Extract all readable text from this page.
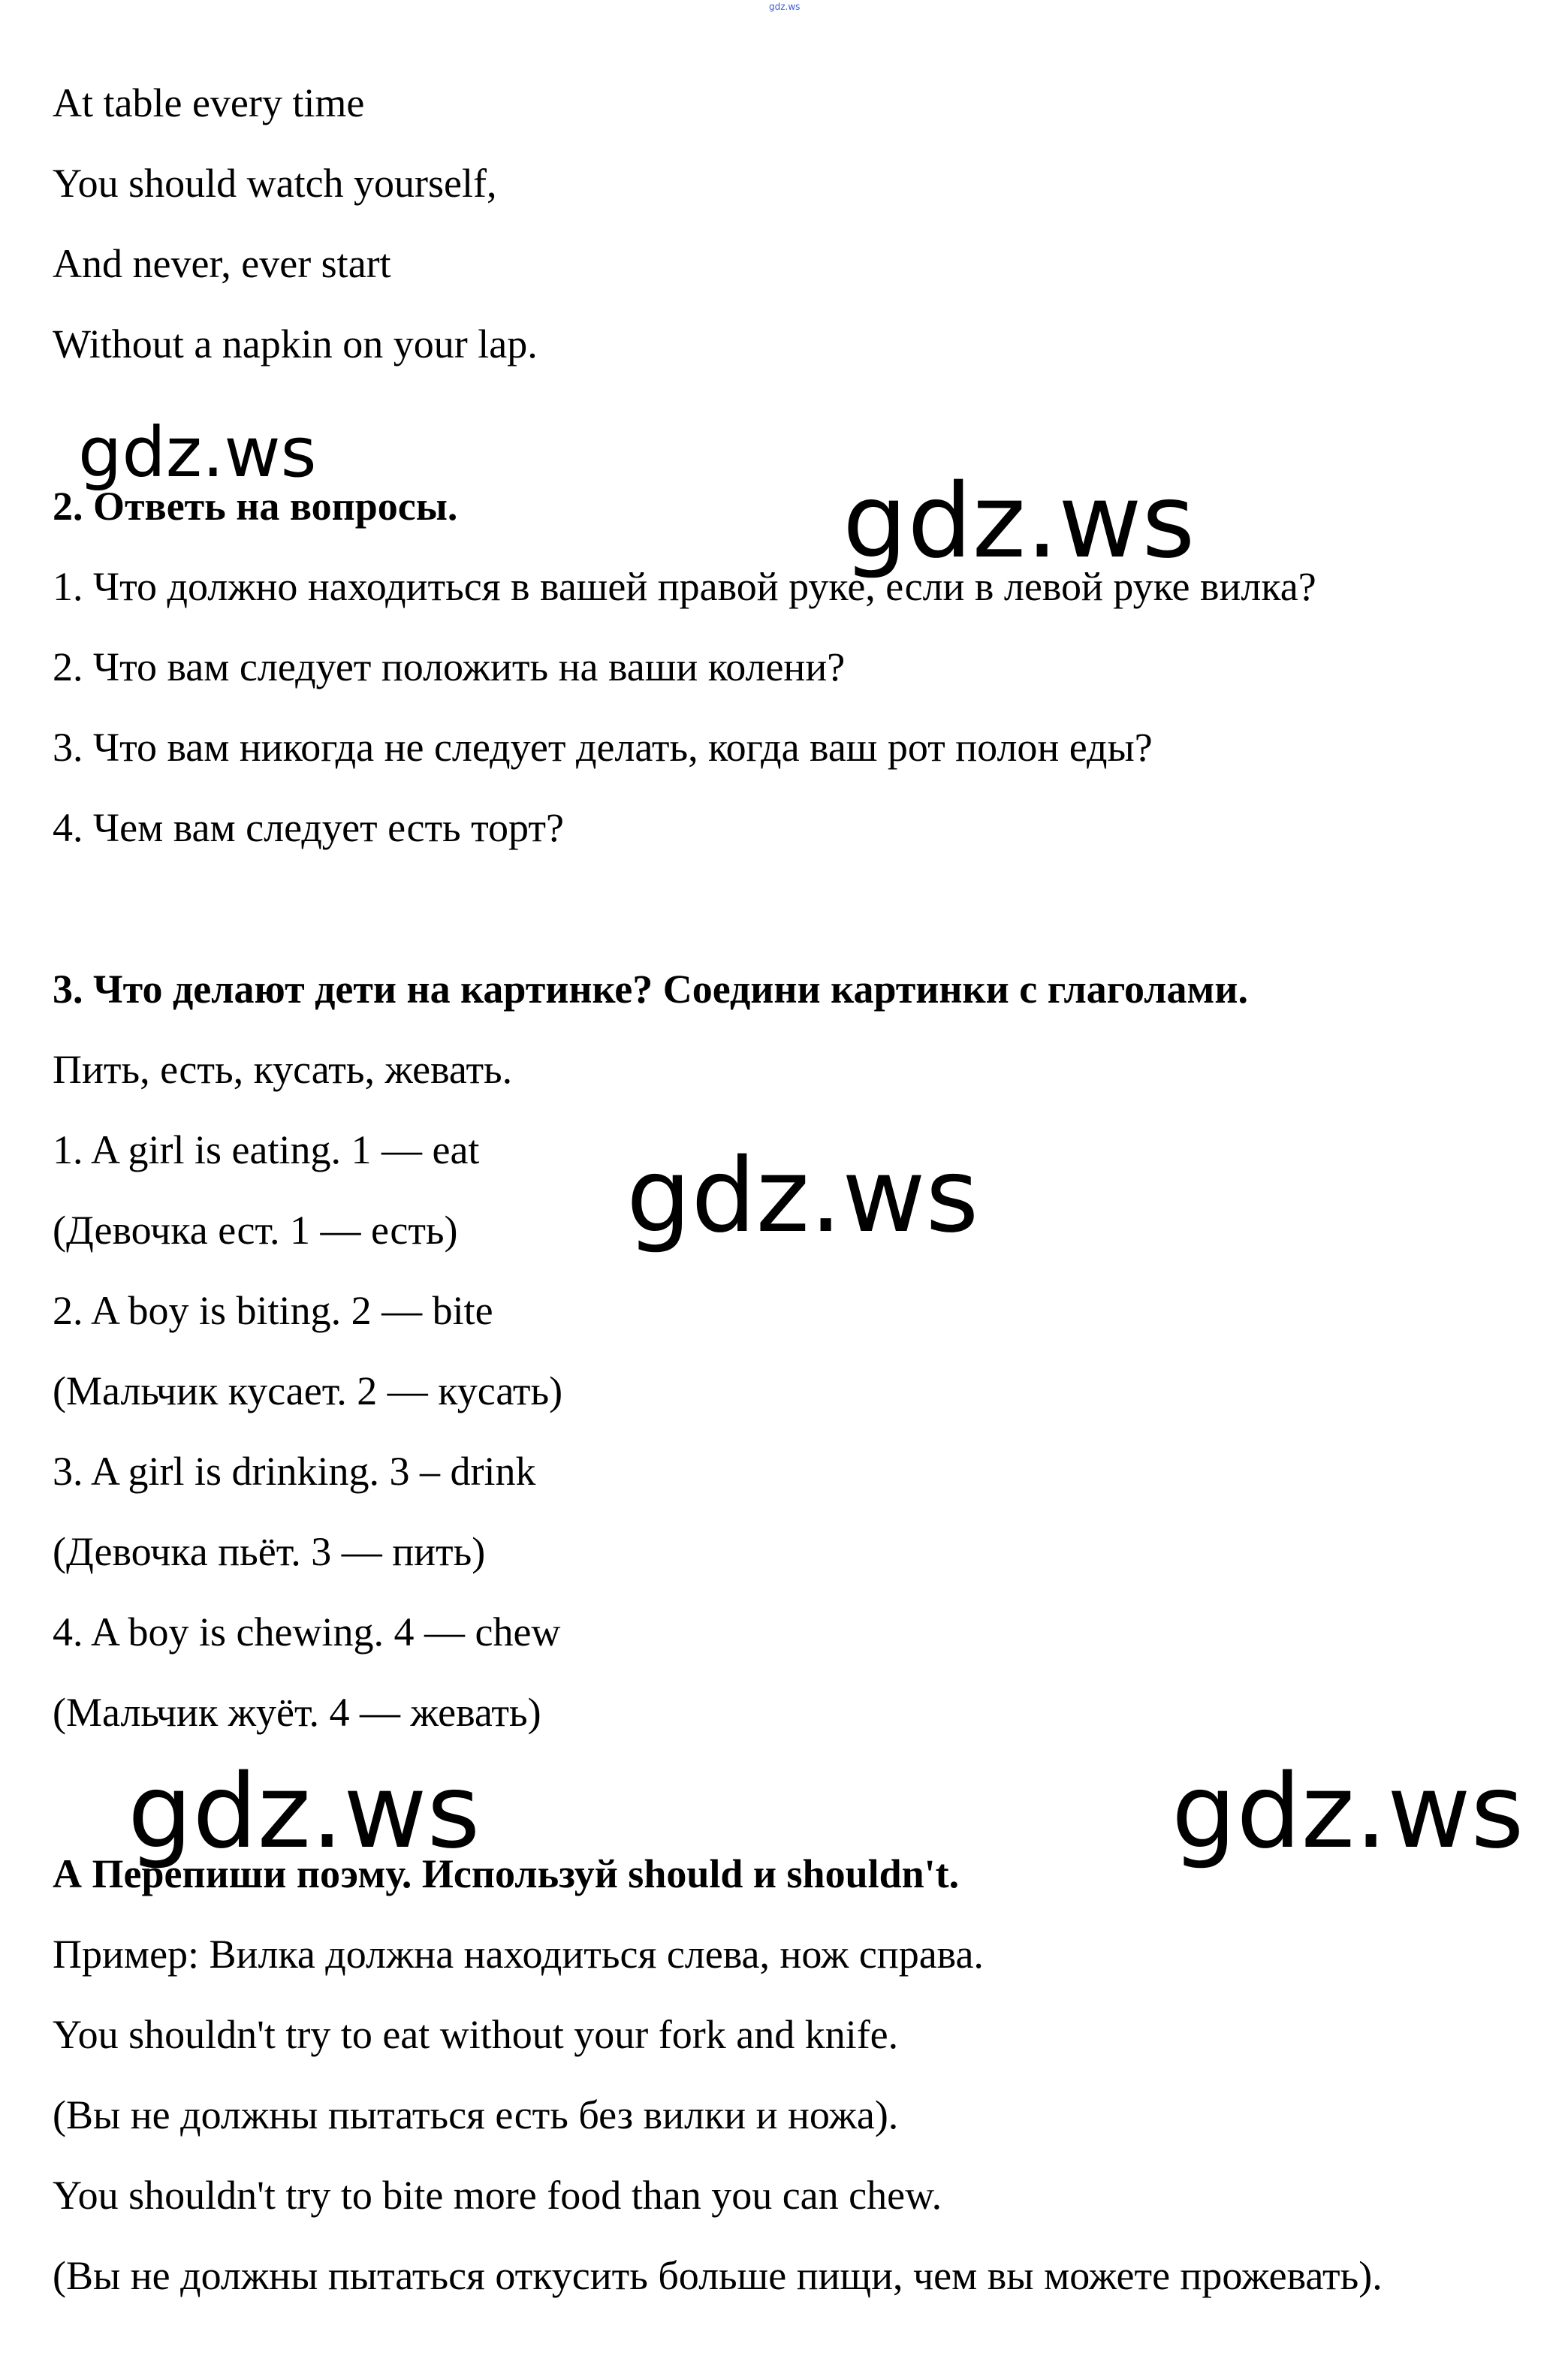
gdz.ws
At table every time
You should watch yourself,
And never, ever start
Without a napkin on your lap.
gdz.ws
gdz.ws
2. Ответь на вопросы.
1. Что должно находиться в вашей правой руке, если в левой руке вилка?
2. Что вам следует положить на ваши колени?
3. Что вам никогда не следует делать, когда ваш рот полон еды?
4. Чем вам следует есть торт?
3. Что делают дети на картинке? Соедини картинки с глаголами.
Пить, есть, кусать, жевать.
1. A girl is eating. 1 — eat
(Девочка ест. 1 — есть)
2. A boy is biting. 2 — bite
(Мальчик кусает. 2 — кусать)
3. A girl is drinking. 3 – drink
(Девочка пьёт. 3 — пить)
4. A boy is chewing. 4 — chew
(Мальчик жуёт. 4 — жевать)
gdz.ws
gdz.ws	gdz.ws
А Перепиши поэму. Используй should и shouldn't.
Пример: Вилка должна находиться слева, нож справа.
You shouldn't try to eat without your fork and knife.
(Вы не должны пытаться есть без вилки и ножа).
You shouldn't try to bite more food than you can chew.
(Вы не должны пытаться откусить больше пищи, чем вы можете прожевать).
